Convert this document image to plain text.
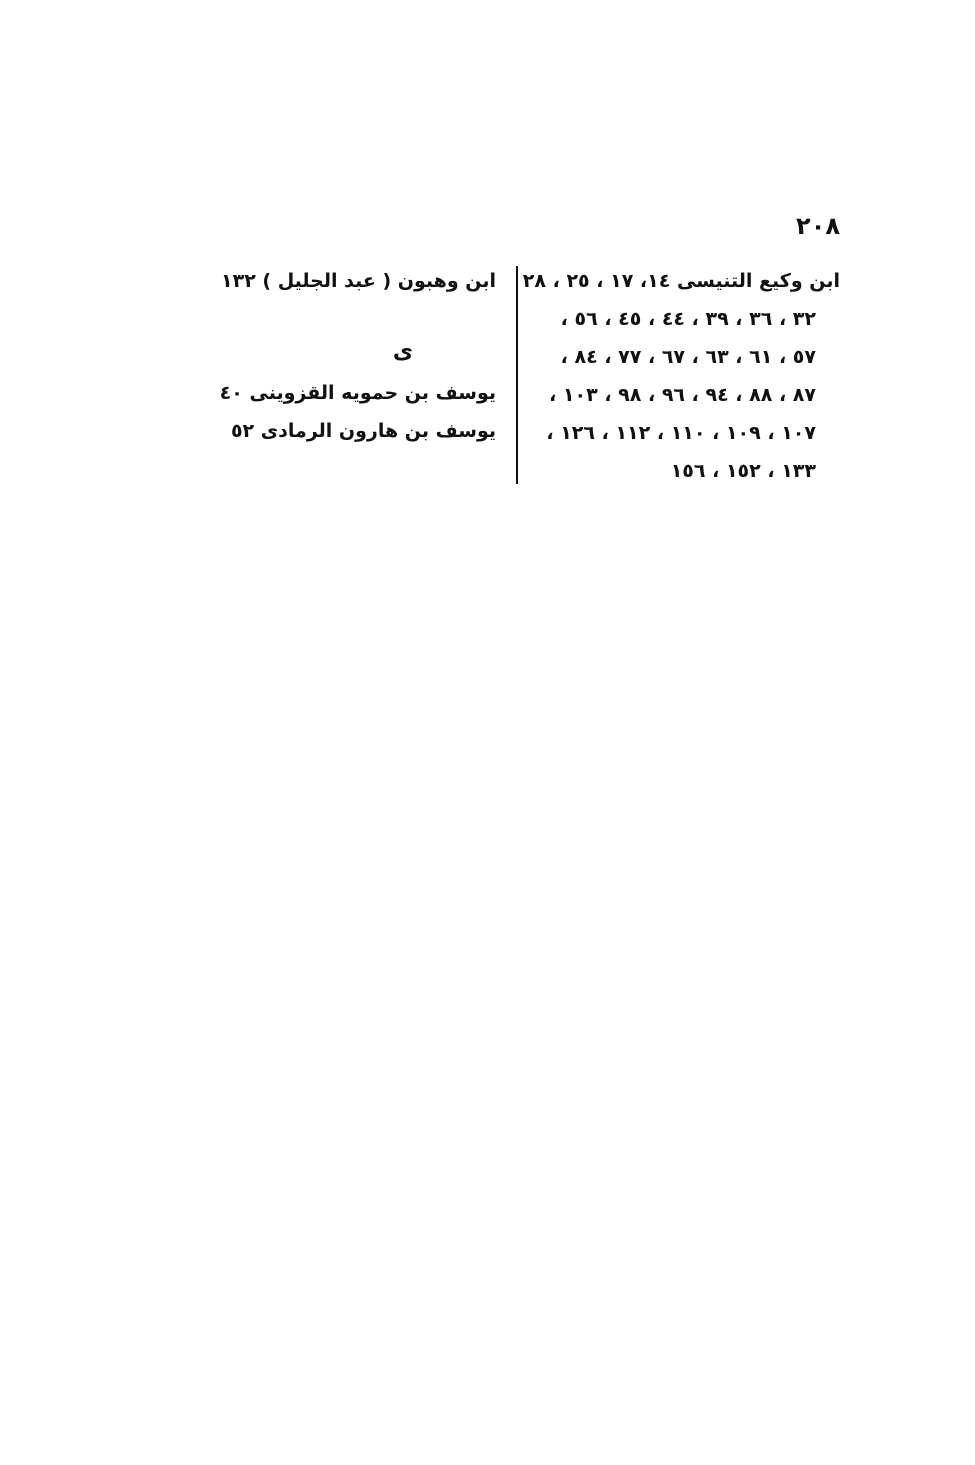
٢٠٨
ابن وكيع التنيسى ١٤، ١٧ ، ٢٥ ، ٢٨
٣٢ ، ٣٦ ، ٣٩ ، ٤٤ ، ٤٥ ، ٥٦ ،
٥٧ ، ٦١ ، ٦٣ ، ٦٧ ، ٧٧ ، ٨٤ ،
٨٧ ، ٨٨ ، ٩٤ ، ٩٦ ، ٩٨ ، ١٠٣ ،
١٠٧ ، ١٠٩ ، ١١٠ ، ١١٢ ، ١٢٦ ،
١٣٣ ، ١٥٢ ، ١٥٦
ابن وهبون ( عبد الجليل ) ١٣٢
ى
يوسف بن حمويه القزوينى ٤٠
يوسف بن هارون الرمادى ٥٢
